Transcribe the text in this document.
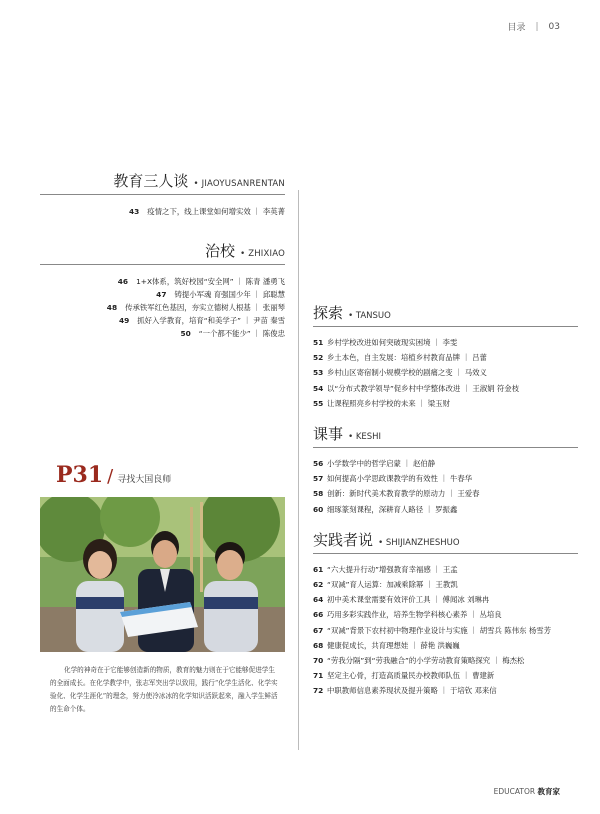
目录 | 03
教育三人谈 • JIAOYUSANRENTAN
43 疫情之下，线上课堂如何增实效 ｜ 李英菁
治校 • ZHIXIAO
46 1+X体系，筑好校园“安全网” ｜ 陈青 潘勇飞
47 铸提小军魂 育强国少年 ｜ 邱聪慧
48 传承铁军红色基因，夯实立德树人根基 ｜ 张丽琴
49 抓好入学教育，培育“和美学子” ｜ 尹苗 秦雪
50 “一个都不能少” ｜ 陈俊忠
P31 / 寻找大国良师

化学的神奇在于它能够创造新的物质，教育的魅力则在于它能够促进学生的全面成长。在化学教学中，张志军突出学以致用，践行“化学生活化、化学实验化、化学生涯化”的理念，努力使冷冰冰的化学知识活跃起来，融入学生鲜活的生命个体。

探索 • TANSUO
51 乡村学校改进如何突破现实困境 ｜ 李雯
52 乡土本色，自主发展：培植乡村教育品牌 ｜ 吕蕾
53 乡村山区寄宿制小规模学校的剧痛之变 ｜ 马效义
54 以“分布式教学领导”促乡村中学整体改进 ｜ 王淑娟 符金枝
55 让课程照亮乡村学校的未来 ｜ 梁玉财
课事 • KESHI
56 小学数学中的哲学启蒙 ｜ 赵伯静
57 如何提高小学思政课教学的有效性 ｜ 牛春华
58 创新：新时代美术教育教学的原动力 ｜ 王爱春
60 细琢篆刻课程，深耕育人路径 ｜ 罗振鑫
实践者说 • SHIJIANZHESHUO
61 “六大提升行动”增强教育幸福感 ｜ 王孟
62 “双减”育人运算：加减乘除幂 ｜ 王教凯
64 初中美术课堂需要有效评价工具 ｜ 傅闻冰 刘琳冉
66 巧用多彩实践作业，培养生物学科核心素养 ｜ 丛培良
67 “双减”背景下农村初中物理作业设计与实施 ｜ 胡雪兵 陈伟东 杨雪芳
68 健康促成长，共育理想娃 ｜ 薛艳 洪巍巍
70 “劳我分隔”到“劳我融合”的小学劳动教育策略探究 ｜ 梅杰松
71 坚定主心骨，打造高质量民办校教师队伍 ｜ 曹建新
72 中职教师信息素养现状及提升策略 ｜ 于培钦 邓来信
EDUCATOR 教育家
